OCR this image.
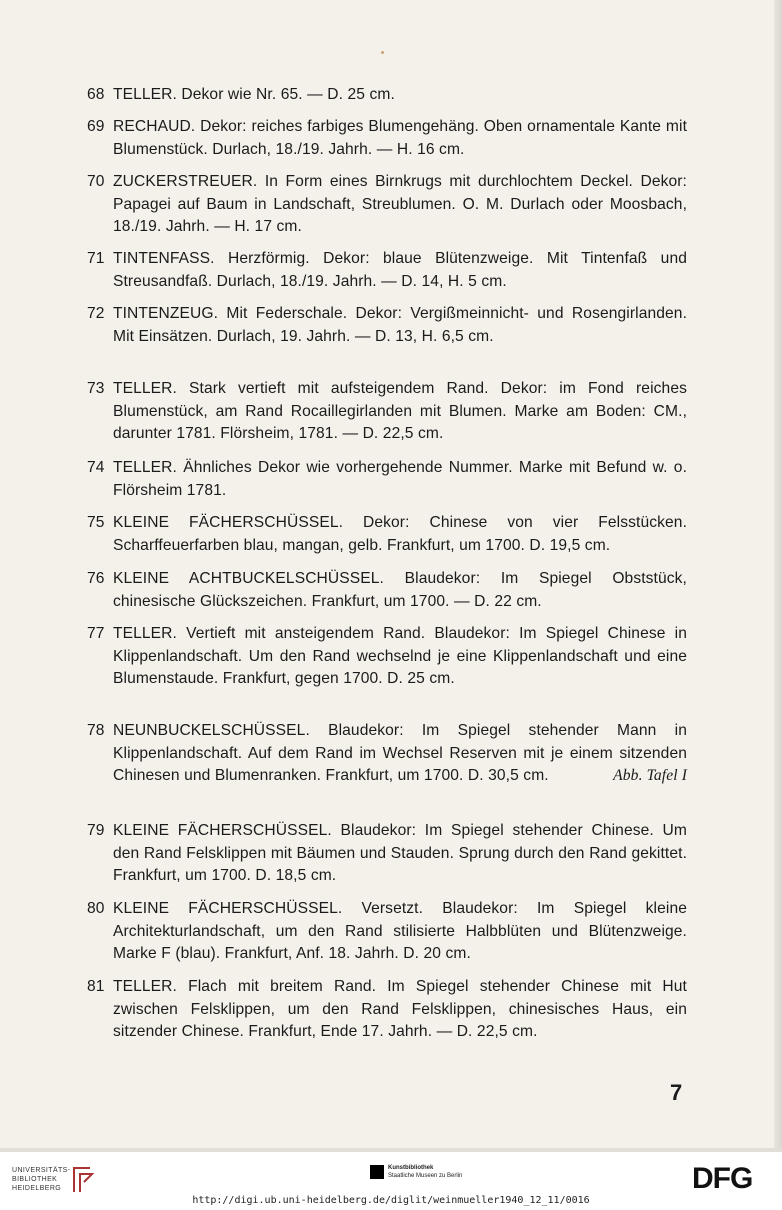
68 TELLER. Dekor wie Nr. 65. — D. 25 cm.
69 RECHAUD. Dekor: reiches farbiges Blumengehäng. Oben ornamentale Kante mit Blumenstück. Durlach, 18./19. Jahrh. — H. 16 cm.
70 ZUCKERSTREUER. In Form eines Birnkrugs mit durchlochtem Deckel. Dekor: Papagei auf Baum in Landschaft, Streublumen. O. M. Durlach oder Moosbach, 18./19. Jahrh. — H. 17 cm.
71 TINTENFASS. Herzförmig. Dekor: blaue Blütenzweige. Mit Tintenfaß und Streusandfaß. Durlach, 18./19. Jahrh. — D. 14, H. 5 cm.
72 TINTENZEUG. Mit Federschale. Dekor: Vergißmeinnicht- und Rosengirlanden. Mit Einsätzen. Durlach, 19. Jahrh. — D. 13, H. 6,5 cm.
73 TELLER. Stark vertieft mit aufsteigendem Rand. Dekor: im Fond reiches Blumenstück, am Rand Rocaillegirlanden mit Blumen. Marke am Boden: CM., darunter 1781. Flörsheim, 1781. — D. 22,5 cm.
74 TELLER. Ähnliches Dekor wie vorhergehende Nummer. Marke mit Befund w. o. Flörsheim 1781.
75 KLEINE FÄCHERSCHÜSSEL. Dekor: Chinese von vier Felsstücken. Scharffeuerfarben blau, mangan, gelb. Frankfurt, um 1700. D. 19,5 cm.
76 KLEINE ACHTBUCKELSCHÜSSEL. Blaudekor: Im Spiegel Obststück, chinesische Glückszeichen. Frankfurt, um 1700. — D. 22 cm.
77 TELLER. Vertieft mit ansteigendem Rand. Blaudekor: Im Spiegel Chinese in Klippenlandschaft. Um den Rand wechselnd je eine Klippenlandschaft und eine Blumenstaude. Frankfurt, gegen 1700. D. 25 cm.
78 NEUNBUCKELSCHÜSSEL. Blaudekor: Im Spiegel stehender Mann in Klippenlandschaft. Auf dem Rand im Wechsel Reserven mit je einem sitzenden Chinesen und Blumenranken. Frankfurt, um 1700. D. 30,5 cm.	Abb. Tafel I
79 KLEINE FÄCHERSCHÜSSEL. Blaudekor: Im Spiegel stehender Chinese. Um den Rand Felsklippen mit Bäumen und Stauden. Sprung durch den Rand gekittet. Frankfurt, um 1700. D. 18,5 cm.
80 KLEINE FÄCHERSCHÜSSEL. Versetzt. Blaudekor: Im Spiegel kleine Architekturlandschaft, um den Rand stilisierte Halbblüten und Blütenzweige. Marke F (blau). Frankfurt, Anf. 18. Jahrh. D. 20 cm.
81 TELLER. Flach mit breitem Rand. Im Spiegel stehender Chinese mit Hut zwischen Felsklippen, um den Rand Felsklippen, chinesisches Haus, ein sitzender Chinese. Frankfurt, Ende 17. Jahrh. — D. 22,5 cm.
7
UNIVERSITÄTS-
BIBLIOTHEK
HEIDELBERG
Kunstbibliothek
Staatliche Museen zu Berlin	DFG
http://digi.ub.uni-heidelberg.de/diglit/weinmueller1940_12_11/0016
